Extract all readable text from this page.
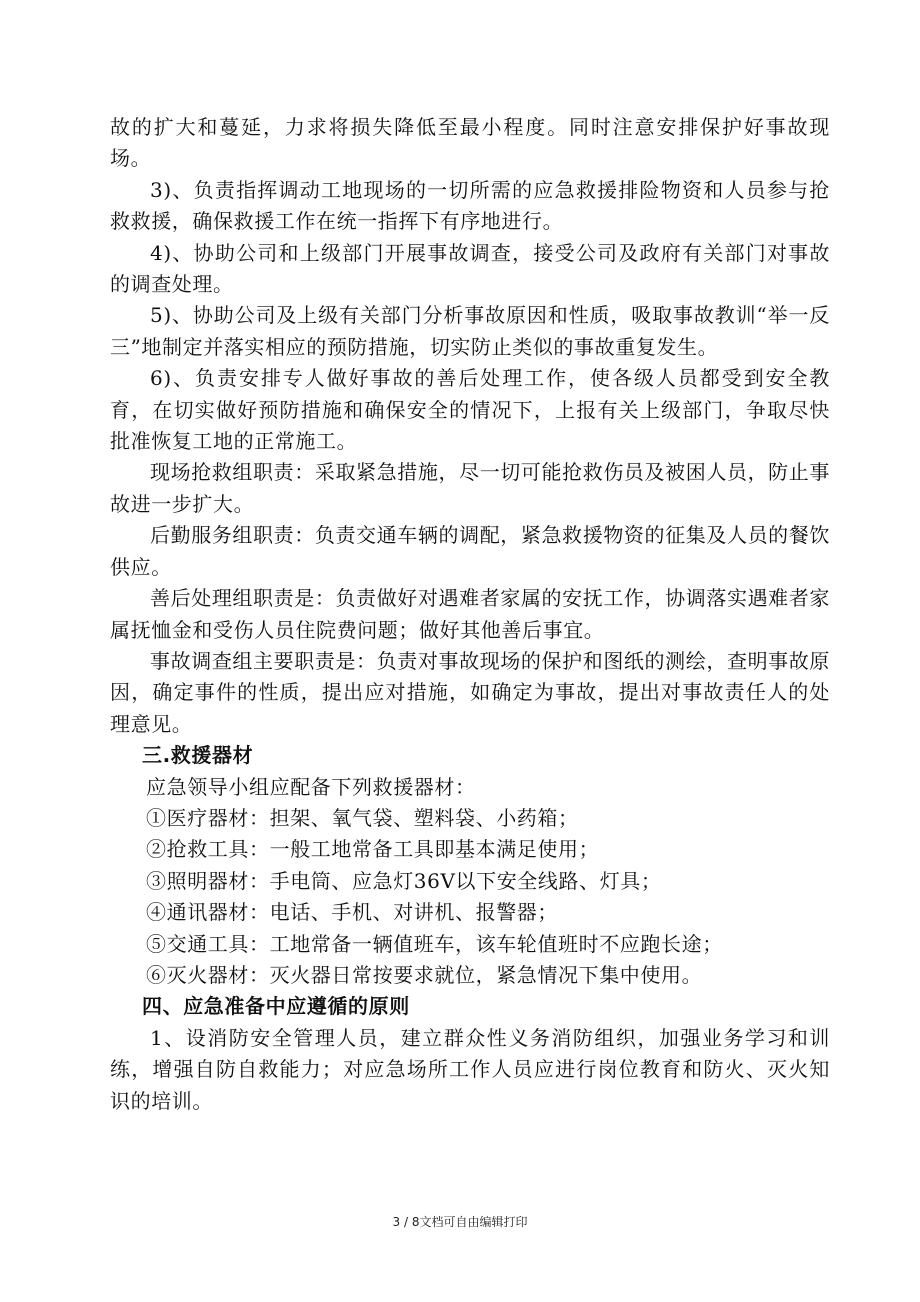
故的扩大和蔓延，力求将损失降低至最小程度。同时注意安排保护好事故现场。

3)、负责指挥调动工地现场的一切所需的应急救援排险物资和人员参与抢救救援，确保救援工作在统一指挥下有序地进行。

4)、协助公司和上级部门开展事故调查，接受公司及政府有关部门对事故的调查处理。

5)、协助公司及上级有关部门分析事故原因和性质，吸取事故教训“举一反三”地制定并落实相应的预防措施，切实防止类似的事故重复发生。

6)、负责安排专人做好事故的善后处理工作，使各级人员都受到安全教育，在切实做好预防措施和确保安全的情况下，上报有关上级部门，争取尽快批准恢复工地的正常施工。

现场抢救组职责：采取紧急措施，尽一切可能抢救伤员及被困人员，防止事故进一步扩大。

后勤服务组职责：负责交通车辆的调配，紧急救援物资的征集及人员的餐饮供应。

善后处理组职责是：负责做好对遇难者家属的安抚工作，协调落实遇难者家属抚恤金和受伤人员住院费问题；做好其他善后事宜。

事故调查组主要职责是：负责对事故现场的保护和图纸的测绘，查明事故原因，确定事件的性质，提出应对措施，如确定为事故，提出对事故责任人的处理意见。

三.救援器材

应急领导小组应配备下列救援器材：

①医疗器材：担架、氧气袋、塑料袋、小药箱；

②抢救工具：一般工地常备工具即基本满足使用；

③照明器材：手电筒、应急灯36V以下安全线路、灯具；

④通讯器材：电话、手机、对讲机、报警器；

⑤交通工具：工地常备一辆值班车，该车轮值班时不应跑长途；

⑥灭火器材：灭火器日常按要求就位，紧急情况下集中使用。

四、应急准备中应遵循的原则

1、设消防安全管理人员，建立群众性义务消防组织，加强业务学习和训练，增强自防自救能力；对应急场所工作人员应进行岗位教育和防火、灭火知识的培训。

3 / 8文档可自由编辑打印
